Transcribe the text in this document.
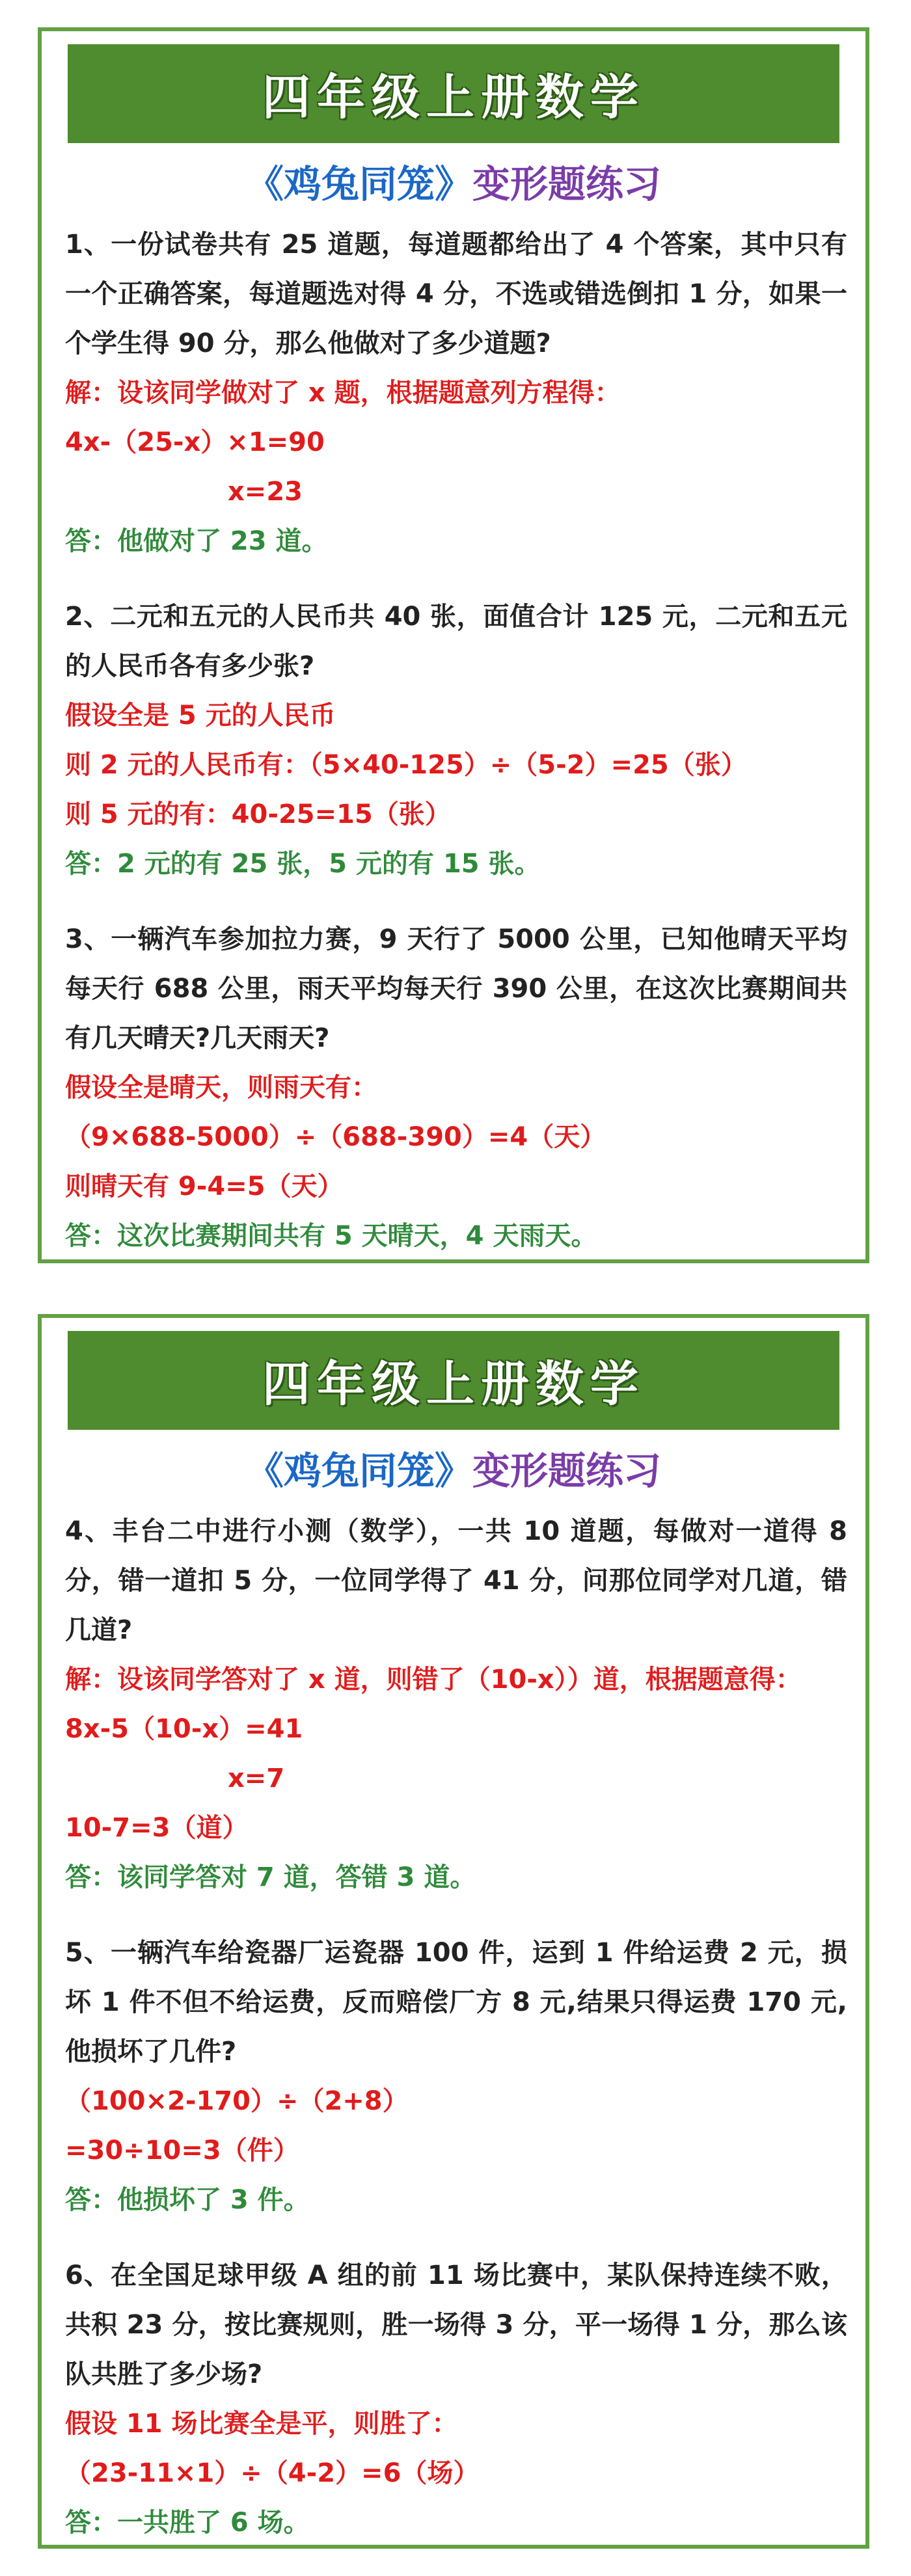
四年级上册数学
《鸡兔同笼》变形题练习
1、一份试卷共有 25 道题，每道题都给出了 4 个答案，其中只有一个正确答案，每道题选对得 4 分，不选或错选倒扣 1 分，如果一个学生得 90 分，那么他做对了多少道题?
解：设该同学做对了 x 题，根据题意列方程得：
4x-（25-x）×1=90
x=23
答：他做对了 23 道。
2、二元和五元的人民币共 40 张，面值合计 125 元，二元和五元的人民币各有多少张?
假设全是 5 元的人民币
则 2 元的人民币有：（5×40-125）÷（5-2）=25（张）
则 5 元的有：40-25=15（张）
答：2 元的有 25 张，5 元的有 15 张。
3、一辆汽车参加拉力赛，9 天行了 5000 公里，已知他晴天平均每天行 688 公里，雨天平均每天行 390 公里，在这次比赛期间共有几天晴天?几天雨天?
假设全是晴天，则雨天有：
（9×688-5000）÷（688-390）=4（天）
则晴天有 9-4=5（天）
答：这次比赛期间共有 5 天晴天，4 天雨天。
四年级上册数学
《鸡兔同笼》变形题练习
4、丰台二中进行小测（数学），一共 10 道题，每做对一道得 8 分，错一道扣 5 分，一位同学得了 41 分，问那位同学对几道，错几道?
解：设该同学答对了 x 道，则错了（10-x））道，根据题意得：
8x-5（10-x）=41
x=7
10-7=3（道）
答：该同学答对 7 道，答错 3 道。
5、一辆汽车给瓷器厂运瓷器 100 件，运到 1 件给运费 2 元，损坏 1 件不但不给运费，反而赔偿厂方 8 元,结果只得运费 170 元,他损坏了几件?
（100×2-170）÷（2+8）
=30÷10=3（件）
答：他损坏了 3 件。
6、在全国足球甲级 A 组的前 11 场比赛中，某队保持连续不败，共积 23 分，按比赛规则，胜一场得 3 分，平一场得 1 分，那么该队共胜了多少场?
假设 11 场比赛全是平，则胜了：
（23-11×1）÷（4-2）=6（场）
答：一共胜了 6 场。
